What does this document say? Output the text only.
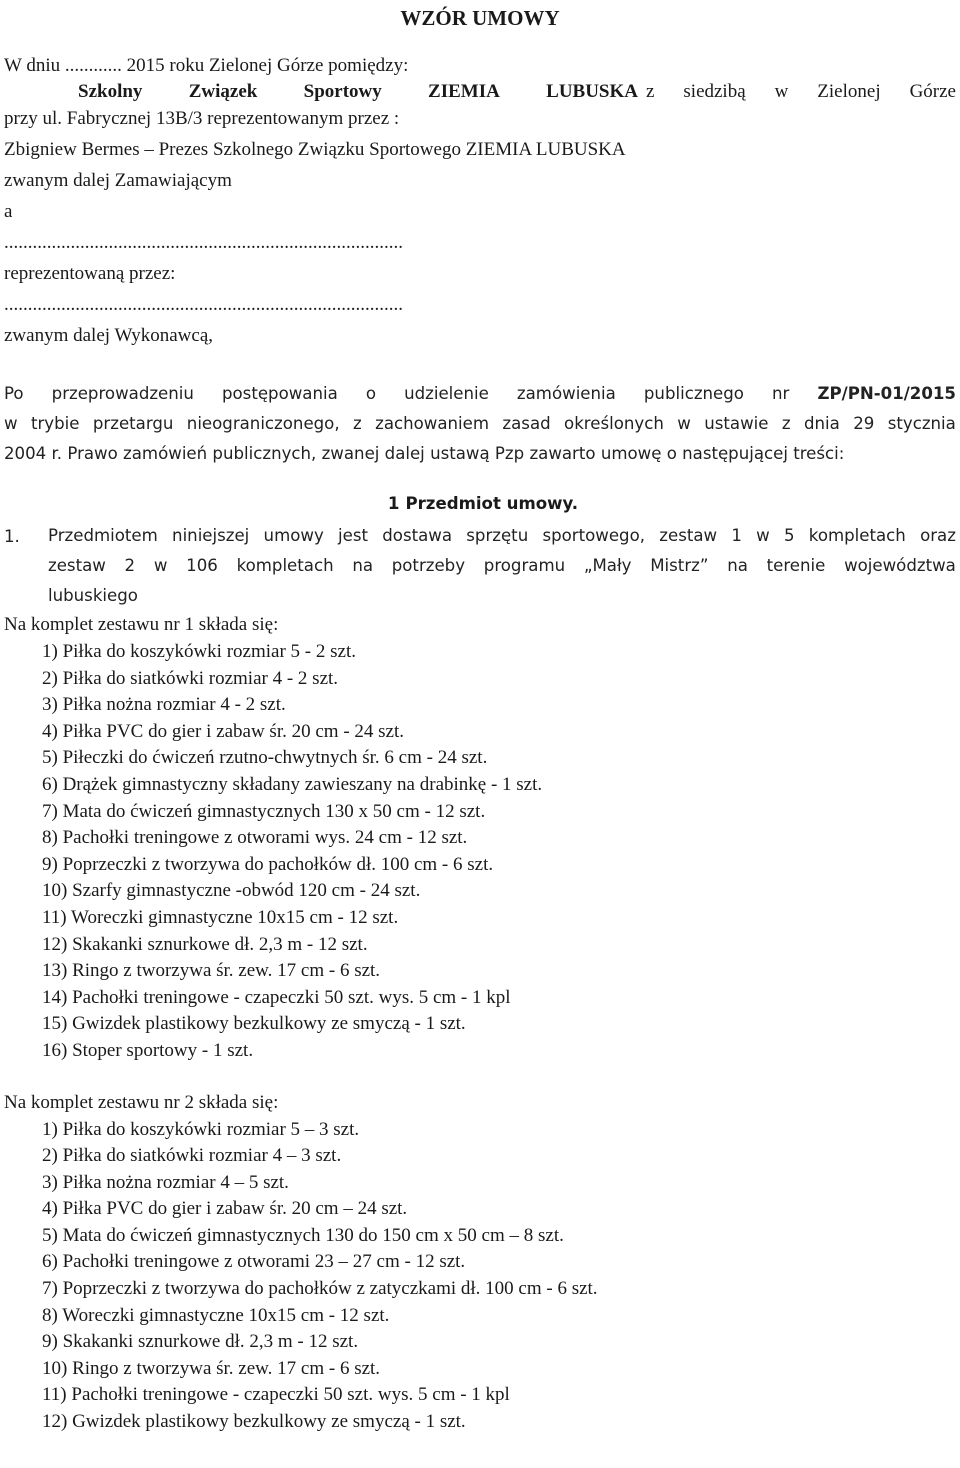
WZÓR UMOWY
W dniu ............ 2015 roku Zielonej Górze pomiędzy:
Szkolny Związek Sportowy ZIEMIA LUBUSKA z siedzibą w Zielonej Górze
przy ul. Fabrycznej 13B/3 reprezentowanym przez :
Zbigniew Bermes – Prezes Szkolnego Związku Sportowego ZIEMIA LUBUSKA
zwanym dalej Zamawiającym
a
....................................................................................
reprezentowaną przez:
....................................................................................
zwanym dalej Wykonawcą,
Po przeprowadzeniu postępowania o udzielenie zamówienia publicznego nr ZP/PN-01/2015
w trybie przetargu nieograniczonego, z zachowaniem zasad określonych w ustawie z dnia 29 stycznia
2004 r. Prawo zamówień publicznych, zwanej dalej ustawą Pzp zawarto umowę o następującej treści:
1 Przedmiot umowy.
1.	Przedmiotem niniejszej umowy jest dostawa sprzętu sportowego, zestaw 1 w 5 kompletach oraz
zestaw 2 w 106 kompletach na potrzeby programu „Mały Mistrz” na terenie województwa
lubuskiego
Na komplet zestawu nr 1 składa się:
1) Piłka do koszykówki rozmiar 5 - 2 szt.
2) Piłka do siatkówki rozmiar 4 - 2 szt.
3) Piłka nożna rozmiar 4 - 2 szt.
4) Piłka PVC do gier i zabaw śr. 20 cm - 24 szt.
5) Piłeczki do ćwiczeń rzutno-chwytnych śr. 6 cm - 24 szt.
6) Drążek gimnastyczny składany zawieszany na drabinkę - 1 szt.
7) Mata do ćwiczeń gimnastycznych 130 x 50 cm - 12 szt.
8) Pachołki treningowe z otworami wys. 24 cm - 12 szt.
9) Poprzeczki z tworzywa do pachołków dł. 100 cm - 6 szt.
10) Szarfy gimnastyczne -obwód 120 cm - 24 szt.
11) Woreczki gimnastyczne 10x15 cm - 12 szt.
12) Skakanki sznurkowe dł. 2,3 m - 12 szt.
13) Ringo z tworzywa śr. zew. 17 cm - 6 szt.
14) Pachołki treningowe - czapeczki 50 szt. wys. 5 cm - 1 kpl
15) Gwizdek plastikowy bezkulkowy ze smyczą - 1 szt.
16) Stoper sportowy - 1 szt.
Na komplet zestawu nr 2 składa się:
1) Piłka do koszykówki rozmiar 5 – 3 szt.
2) Piłka do siatkówki rozmiar 4 – 3 szt.
3) Piłka nożna rozmiar 4 – 5 szt.
4) Piłka PVC do gier i zabaw śr. 20 cm – 24 szt.
5) Mata do ćwiczeń gimnastycznych 130 do 150 cm x 50 cm – 8 szt.
6) Pachołki treningowe z otworami 23 – 27 cm - 12 szt.
7) Poprzeczki z tworzywa do pachołków z zatyczkami dł. 100 cm - 6 szt.
8) Woreczki gimnastyczne 10x15 cm - 12 szt.
9) Skakanki sznurkowe dł. 2,3 m - 12 szt.
10) Ringo z tworzywa śr. zew. 17 cm - 6 szt.
11) Pachołki treningowe - czapeczki 50 szt. wys. 5 cm - 1 kpl
12) Gwizdek plastikowy bezkulkowy ze smyczą - 1 szt.
